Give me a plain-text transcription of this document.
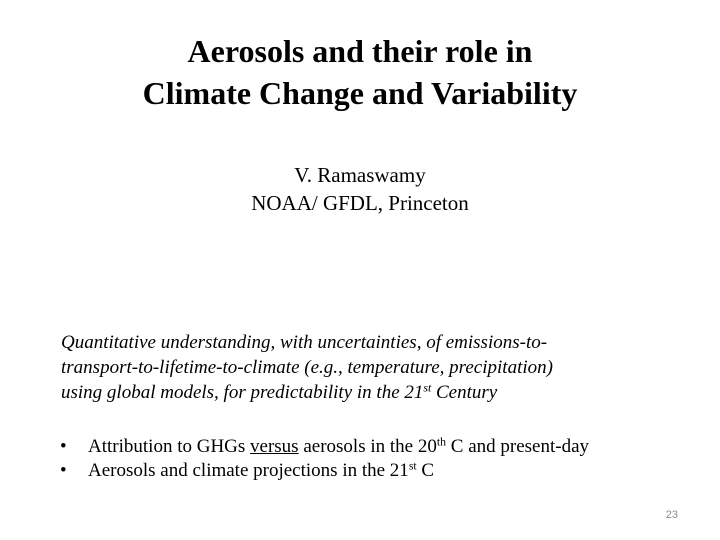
Aerosols and their role in
Climate Change and Variability
V. Ramaswamy
NOAA/ GFDL, Princeton
Quantitative understanding, with uncertainties, of emissions-to-
transport-to-lifetime-to-climate (e.g., temperature, precipitation)
using global models, for predictability in the 21st Century
•	Attribution to GHGs versus aerosols in the 20th C and present-day
•	Aerosols and climate projections in the 21st C
23
